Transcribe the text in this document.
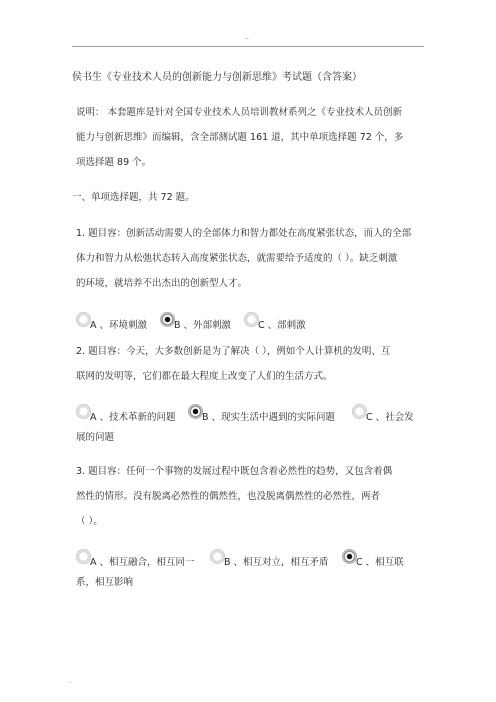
..
侯书生《专业技术人员的创新能力与创新思维》考试题（含答案）
说明： 本套题库是针对全国专业技术人员培训教材系列之《专业技术人员创新
能力与创新思维》而编辑，含全部测试题 161 道，其中单项选择题 72 个，多
项选择题 89 个。
一、单项选择题，共 72 题。
1. 题目容：创新活动需要人的全部体力和智力都处在高度紧张状态，而人的全部
体力和智力从松弛状态转入高度紧张状态，就需要给予适度的（ ）。缺乏刺激
的环境，就培养不出杰出的创新型人才。
A 、环境刺激	B 、外部刺激	C 、部刺激
2. 题目容：今天，大多数创新是为了解决（ ），例如个人计算机的发明、互
联网的发明等，它们都在最大程度上改变了人们的生活方式。
A 、技术革新的问题	B 、现实生活中遇到的实际问题	C 、社会发
展的问题
3. 题目容：任何一个事物的发展过程中既包含着必然性的趋势，又包含着偶
然性的情形。没有脱离必然性的偶然性，也没脱离偶然性的必然性，两者
（ ）。
A 、相互融合，相互同一	B 、相互对立，相互矛盾	C 、相互联
系，相互影响
.
